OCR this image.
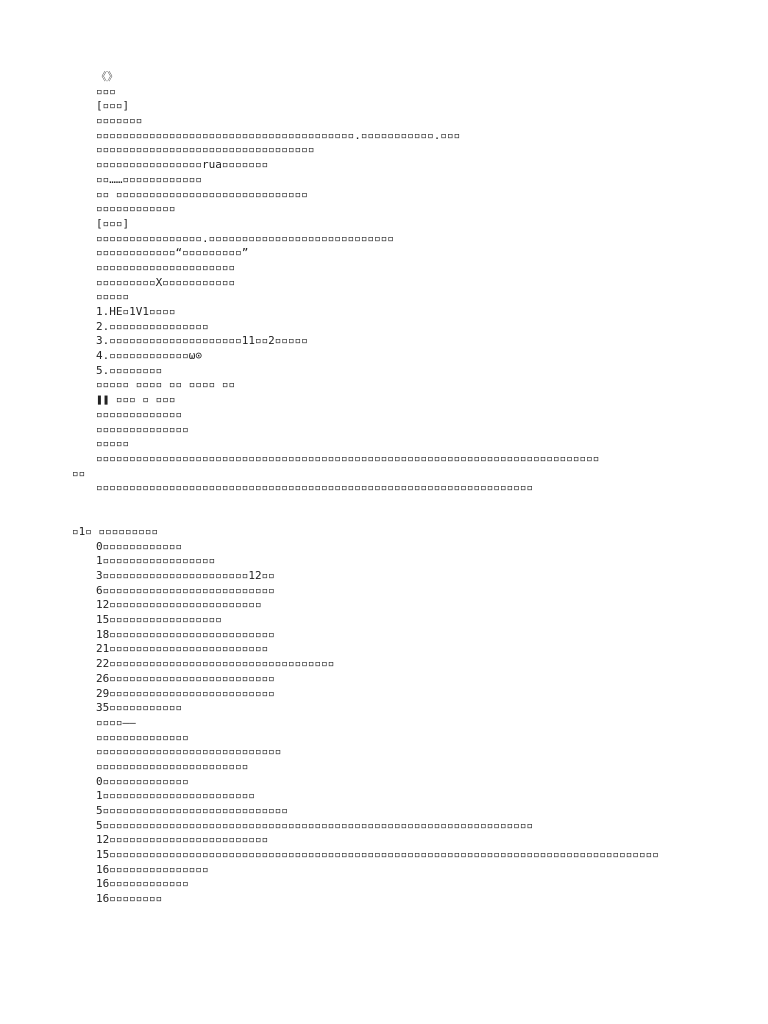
《》
▫▫▫
[▫▫▫]
▫▫▫▫▫▫▫
▫▫▫▫▫▫▫▫▫▫▫▫▫▫▫▫▫▫▫▫▫▫▫▫▫▫▫▫▫▫▫▫▫▫▫▫▫▫▫.▫▫▫▫▫▫▫▫▫▫▫.▫▫▫
▫▫▫▫▫▫▫▫▫▫▫▫▫▫▫▫▫▫▫▫▫▫▫▫▫▫▫▫▫▫▫▫▫
▫▫▫▫▫▫▫▫▫▫▫▫▫▫▫▫rua▫▫▫▫▫▫▫
▫▫……▫▫▫▫▫▫▫▫▫▫▫▫
▫▫ ▫▫▫▫▫▫▫▫▫▫▫▫▫▫▫▫▫▫▫▫▫▫▫▫▫▫▫▫▫
▫▫▫▫▫▫▫▫▫▫▫▫
[▫▫▫]
▫▫▫▫▫▫▫▫▫▫▫▫▫▫▫▫.▫▫▫▫▫▫▫▫▫▫▫▫▫▫▫▫▫▫▫▫▫▫▫▫▫▫▫▫
▫▫▫▫▫▫▫▫▫▫▫▫“▫▫▫▫▫▫▫▫▫”
▫▫▫▫▫▫▫▫▫▫▫▫▫▫▫▫▫▫▫▫▫
▫▫▫▫▫▫▫▫▫X▫▫▫▫▫▫▫▫▫▫▫
▫▫▫▫▫
1.HE▫1V1▫▫▫▫
2.▫▫▫▫▫▫▫▫▫▫▫▫▫▫▫
3.▫▫▫▫▫▫▫▫▫▫▫▫▫▫▫▫▫▫▫▫11▫▫2▫▫▫▫▫
4.▫▫▫▫▫▫▫▫▫▫▫▫ω⊙
5.▫▫▫▫▫▫▫▫
▫▫▫▫▫ ▫▫▫▫ ▫▫ ▫▫▫▫ ▫▫
❚❚ ▫▫▫ ▫ ▫▫▫
▫▫▫▫▫▫▫▫▫▫▫▫▫
▫▫▫▫▫▫▫▫▫▫▫▫▫▫
▫▫▫▫▫
▫▫▫▫▫▫▫▫▫▫▫▫▫▫▫▫▫▫▫▫▫▫▫▫▫▫▫▫▫▫▫▫▫▫▫▫▫▫▫▫▫▫▫▫▫▫▫▫▫▫▫▫▫▫▫▫▫▫▫▫▫▫▫▫▫▫▫▫▫▫▫▫▫▫▫▫
▫▫
▫▫▫▫▫▫▫▫▫▫▫▫▫▫▫▫▫▫▫▫▫▫▫▫▫▫▫▫▫▫▫▫▫▫▫▫▫▫▫▫▫▫▫▫▫▫▫▫▫▫▫▫▫▫▫▫▫▫▫▫▫▫▫▫▫▫
▫1▫ ▫▫▫▫▫▫▫▫▫
0▫▫▫▫▫▫▫▫▫▫▫▫
1▫▫▫▫▫▫▫▫▫▫▫▫▫▫▫▫▫
3▫▫▫▫▫▫▫▫▫▫▫▫▫▫▫▫▫▫▫▫▫▫12▫▫
6▫▫▫▫▫▫▫▫▫▫▫▫▫▫▫▫▫▫▫▫▫▫▫▫▫▫
12▫▫▫▫▫▫▫▫▫▫▫▫▫▫▫▫▫▫▫▫▫▫▫
15▫▫▫▫▫▫▫▫▫▫▫▫▫▫▫▫▫
18▫▫▫▫▫▫▫▫▫▫▫▫▫▫▫▫▫▫▫▫▫▫▫▫▫
21▫▫▫▫▫▫▫▫▫▫▫▫▫▫▫▫▫▫▫▫▫▫▫▫
22▫▫▫▫▫▫▫▫▫▫▫▫▫▫▫▫▫▫▫▫▫▫▫▫▫▫▫▫▫▫▫▫▫▫
26▫▫▫▫▫▫▫▫▫▫▫▫▫▫▫▫▫▫▫▫▫▫▫▫▫
29▫▫▫▫▫▫▫▫▫▫▫▫▫▫▫▫▫▫▫▫▫▫▫▫▫
35▫▫▫▫▫▫▫▫▫▫▫
▫▫▫▫——
▫▫▫▫▫▫▫▫▫▫▫▫▫▫
▫▫▫▫▫▫▫▫▫▫▫▫▫▫▫▫▫▫▫▫▫▫▫▫▫▫▫▫
▫▫▫▫▫▫▫▫▫▫▫▫▫▫▫▫▫▫▫▫▫▫▫
0▫▫▫▫▫▫▫▫▫▫▫▫▫
1▫▫▫▫▫▫▫▫▫▫▫▫▫▫▫▫▫▫▫▫▫▫▫
5▫▫▫▫▫▫▫▫▫▫▫▫▫▫▫▫▫▫▫▫▫▫▫▫▫▫▫▫
5▫▫▫▫▫▫▫▫▫▫▫▫▫▫▫▫▫▫▫▫▫▫▫▫▫▫▫▫▫▫▫▫▫▫▫▫▫▫▫▫▫▫▫▫▫▫▫▫▫▫▫▫▫▫▫▫▫▫▫▫▫▫▫▫▫
12▫▫▫▫▫▫▫▫▫▫▫▫▫▫▫▫▫▫▫▫▫▫▫▫
15▫▫▫▫▫▫▫▫▫▫▫▫▫▫▫▫▫▫▫▫▫▫▫▫▫▫▫▫▫▫▫▫▫▫▫▫▫▫▫▫▫▫▫▫▫▫▫▫▫▫▫▫▫▫▫▫▫▫▫▫▫▫▫▫▫▫▫▫▫▫▫▫▫▫▫▫▫▫▫▫▫▫▫
16▫▫▫▫▫▫▫▫▫▫▫▫▫▫▫
16▫▫▫▫▫▫▫▫▫▫▫▫
16▫▫▫▫▫▫▫▫
